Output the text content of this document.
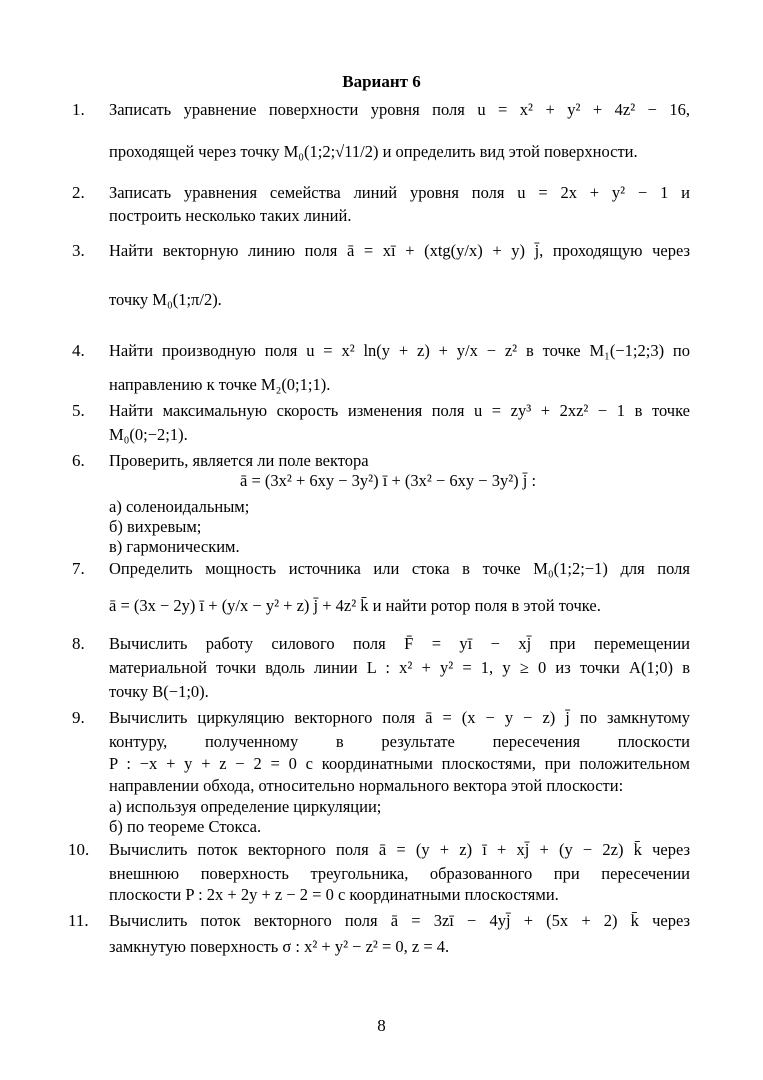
Вариант 6
1. Записать уравнение поверхности уровня поля u = x² + y² + 4z² − 16,
проходящей через точку M₀(1;2;√11/2) и определить вид этой поверхности.
2. Записать уравнения семейства линий уровня поля u = 2x + y² − 1 и
построить несколько таких линий.
3. Найти векторную линию поля ā = xī + (xtg(y/x) + y) j̄, проходящую через
точку M₀(1;π/2).
4. Найти производную поля u = x² ln(y + z) + y/x − z² в точке M₁(−1;2;3) по
направлению к точке M₂(0;1;1).
5. Найти максимальную скорость изменения поля u = zy³ + 2xz² − 1 в точке
M₀(0;−2;1).
6. Проверить, является ли поле вектора
ā = (3x² + 6xy − 3y²) ī + (3x² − 6xy − 3y²) j̄ :
а) соленоидальным;
б) вихревым;
в) гармоническим.
7. Определить мощность источника или стока в точке M₀(1;2;−1) для поля
ā = (3x − 2y) ī + (y/x − y² + z) j̄ + 4z² k̄ и найти ротор поля в этой точке.
8. Вычислить работу силового поля F̄ = yī − xj̄ при перемещении
материальной точки вдоль линии L : x² + y² = 1, y ≥ 0 из точки A(1;0) в
точку B(−1;0).
9. Вычислить циркуляцию векторного поля ā = (x − y − z) j̄ по замкнутому
контуру, полученному в результате пересечения плоскости
P : −x + y + z − 2 = 0 с координатными плоскостями, при положительном
направлении обхода, относительно нормального вектора этой плоскости:
а) используя определение циркуляции;
б) по теореме Стокса.
10. Вычислить поток векторного поля ā = (y + z) ī + xj̄ + (y − 2z) k̄ через
внешнюю поверхность треугольника, образованного при пересечении
плоскости P : 2x + 2y + z − 2 = 0 с координатными плоскостями.
11. Вычислить поток векторного поля ā = 3zī − 4yj̄ + (5x + 2) k̄ через
замкнутую поверхность σ : x² + y² − z² = 0, z = 4.
8
